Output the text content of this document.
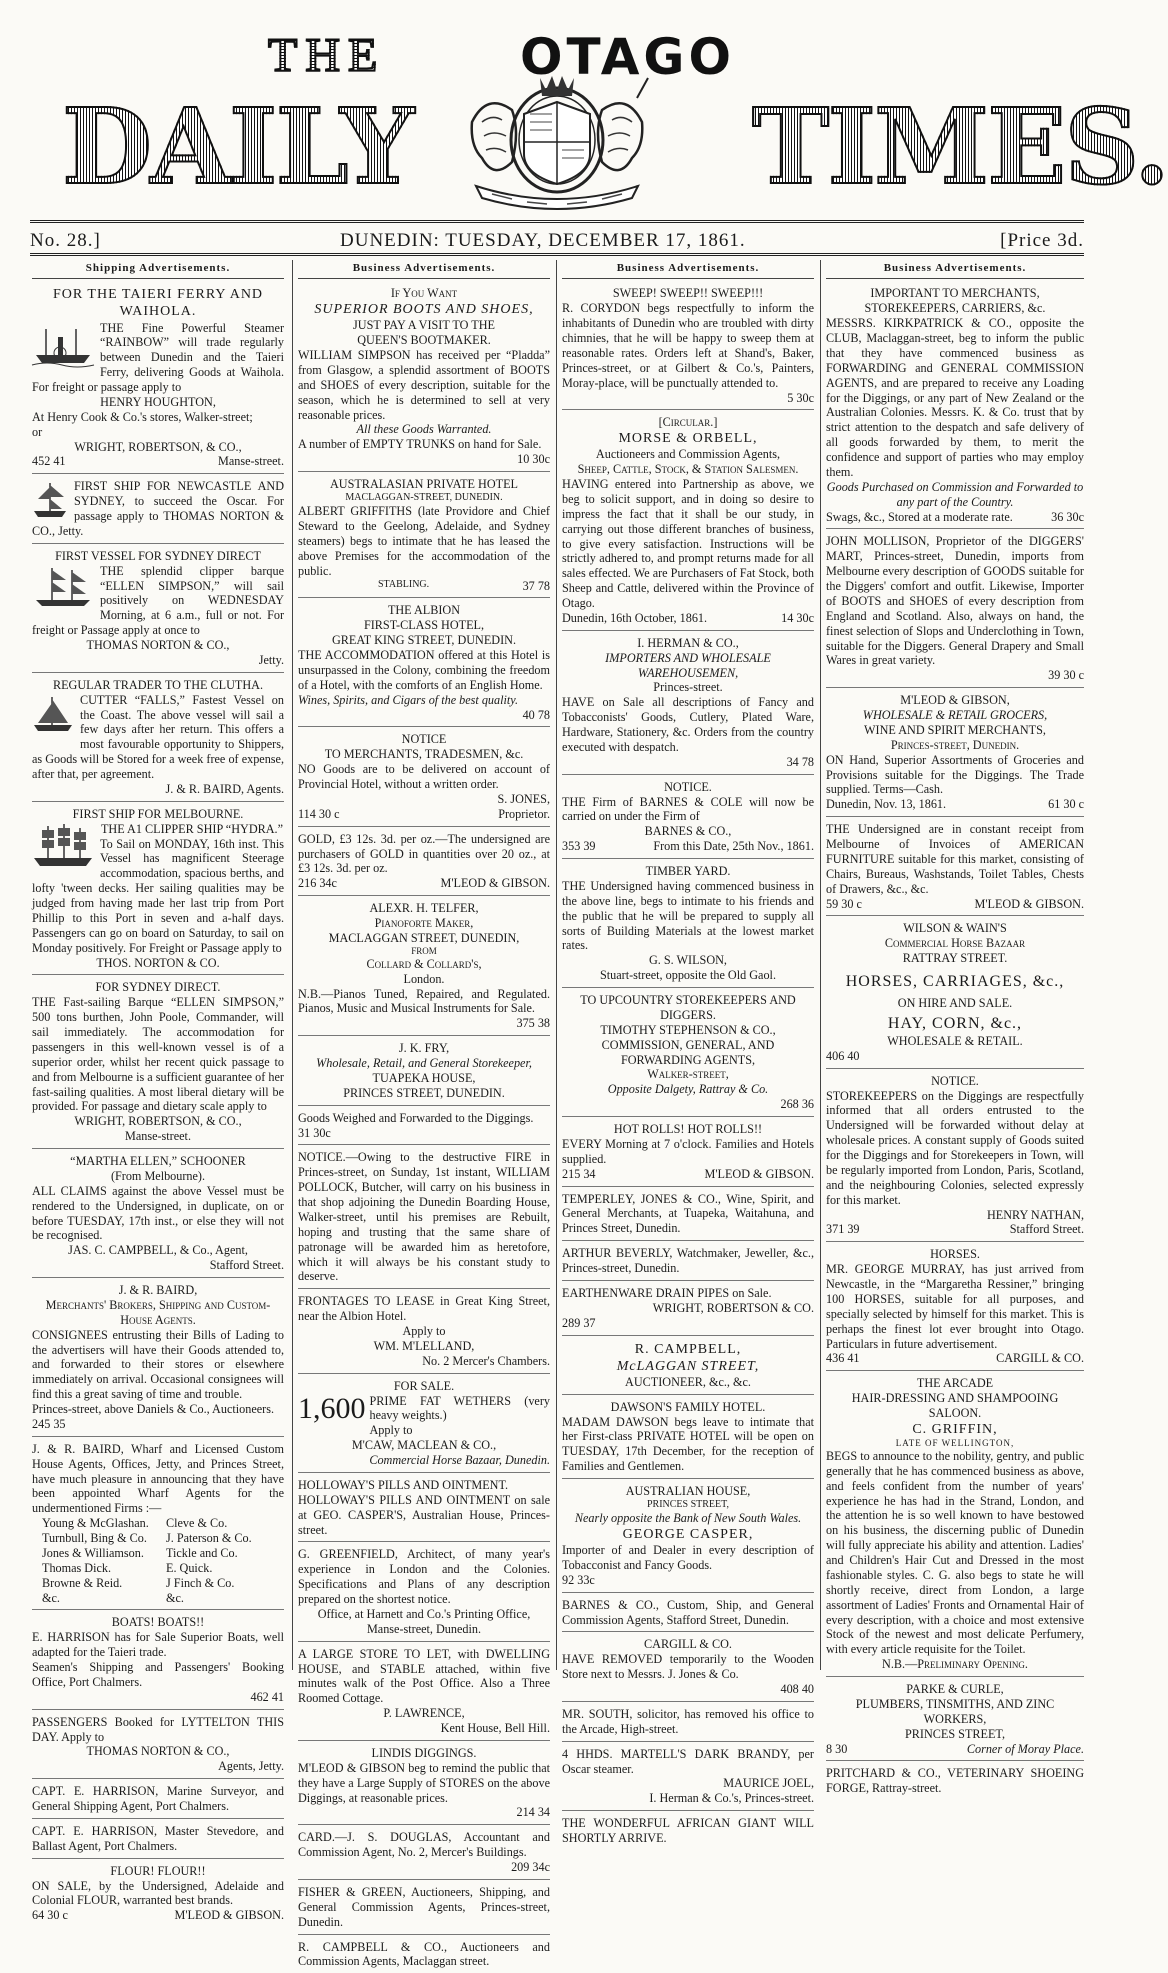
THE	OTAGO
DAILY	TIMES.
No. 28.]	DUNEDIN: TUESDAY, DECEMBER 17, 1861.	[Price 3d.
Shipping Advertisements.
FOR THE TAIERI FERRY AND WAIHOLA.

THE Fine Powerful Steamer “RAINBOW” will trade regularly between Dunedin and the Taieri Ferry, delivering Goods at Waihola. For freight or passage apply to

HENRY HOUGHTON,
At Henry Cook & Co.'s stores, Walker-street;
or
WRIGHT, ROBERTSON, & CO.,
452 41	Manse-street.

FIRST SHIP FOR NEWCASTLE AND SYDNEY, to succeed the Oscar. For passage apply to THOMAS NORTON & CO., Jetty.

FIRST VESSEL FOR SYDNEY DIRECT

THE splendid clipper barque “ELLEN SIMPSON,” will sail positively on WEDNESDAY Morning, at 6 a.m., full or not. For freight or Passage apply at once to

THOMAS NORTON & CO.,
Jetty.
REGULAR TRADER TO THE CLUTHA.

CUTTER “FALLS,” Fastest Vessel on the Coast. The above vessel will sail a few days after her return. This offers a most favourable opportunity to Shippers, as Goods will be Stored for a week free of expense, after that, per agreement.

J. & R. BAIRD, Agents.
FIRST SHIP FOR MELBOURNE.
THE A1 CLIPPER SHIP “HYDRA.”

To Sail on MONDAY, 16th inst. This Vessel has magnificent Steerage accommodation, spacious berths, and lofty 'tween decks. Her sailing qualities may be judged from having made her last trip from Port Phillip to this Port in seven and a-half days. Passengers can go on board on Saturday, to sail on Monday positively. For Freight or Passage apply to

THOS. NORTON & CO.
FOR SYDNEY DIRECT.

THE Fast-sailing Barque “ELLEN SIMPSON,” 500 tons burthen, John Poole, Commander, will sail immediately. The accommodation for passengers in this well-known vessel is of a superior order, whilst her recent quick passage to and from Melbourne is a sufficient guarantee of her fast-sailing qualities. A most liberal dietary will be provided. For passage and dietary scale apply to

WRIGHT, ROBERTSON, & CO.,
Manse-street.
“MARTHA ELLEN,” SCHOONER
(From Melbourne).

ALL CLAIMS against the above Vessel must be rendered to the Undersigned, in duplicate, on or before TUESDAY, 17th inst., or else they will not be recognised.

JAS. C. CAMPBELL, & Co., Agent,
Stafford Street.
J. & R. BAIRD,
Merchants' Brokers, Shipping and Custom-House Agents.

CONSIGNEES entrusting their Bills of Lading to the advertisers will have their Goods attended to, and forwarded to their stores or elsewhere immediately on arrival. Occasional consignees will find this a great saving of time and trouble.

Princes-street, above Daniels & Co., Auctioneers.
245 35

J. & R. BAIRD, Wharf and Licensed Custom House Agents, Offices, Jetty, and Princes Street, have much pleasure in announcing that they have been appointed Wharf Agents for the undermentioned Firms :—

Young & McGlashan.	Cleve & Co.
Turnbull, Bing & Co.	J. Paterson & Co.
Jones & Williamson.	Tickle and Co.
Thomas Dick.	E. Quick.
Browne & Reid.	J Finch & Co.
&c.	&c.
BOATS! BOATS!!

E. HARRISON has for Sale Superior Boats, well adapted for the Taieri trade.

Seamen's Shipping and Passengers' Booking Office, Port Chalmers.

462 41

PASSENGERS Booked for LYTTELTON THIS DAY. Apply to

THOMAS NORTON & CO.,
Agents, Jetty.

CAPT. E. HARRISON, Marine Surveyor, and General Shipping Agent, Port Chalmers.

CAPT. E. HARRISON, Master Stevedore, and Ballast Agent, Port Chalmers.

FLOUR! FLOUR!!

ON SALE, by the Undersigned, Adelaide and Colonial FLOUR, warranted best brands.

64 30 c	M'LEOD & GIBSON.
Business Advertisements.
If You Want
SUPERIOR BOOTS AND SHOES,
JUST PAY A VISIT TO THE
QUEEN'S BOOTMAKER.

WILLIAM SIMPSON has received per “Pladda” from Glasgow, a splendid assortment of BOOTS and SHOES of every description, suitable for the season, which he is determined to sell at very reasonable prices.

All these Goods Warranted.

A number of EMPTY TRUNKS on hand for Sale.

10 30c
AUSTRALASIAN PRIVATE HOTEL
MACLAGGAN-STREET, DUNEDIN.

ALBERT GRIFFITHS (late Providore and Chief Steward to the Geelong, Adelaide, and Sydney steamers) begs to intimate that he has leased the above Premises for the accommodation of the public.

STABLING.	37 78
THE ALBION
FIRST-CLASS HOTEL,
GREAT KING STREET, DUNEDIN.

THE ACCOMMODATION offered at this Hotel is unsurpassed in the Colony, combining the freedom of a Hotel, with the comforts of an English Home.

Wines, Spirits, and Cigars of the best quality.
40 78
NOTICE
TO MERCHANTS, TRADESMEN, &c.

NO Goods are to be delivered on account of Provincial Hotel, without a written order.

S. JONES,
114 30 c	Proprietor.

GOLD, £3 12s. 3d. per oz.—The undersigned are purchasers of GOLD in quantities over 20 oz., at £3 12s. 3d. per oz.

216 34c	M'LEOD & GIBSON.
ALEXR. H. TELFER,
Pianoforte Maker,
MACLAGGAN STREET, DUNEDIN,
FROM
Collard & Collard's,
London.

N.B.—Pianos Tuned, Repaired, and Regulated. Pianos, Music and Musical Instruments for Sale.

375 38
J. K. FRY,
Wholesale, Retail, and General Storekeeper,
TUAPEKA HOUSE,
PRINCES STREET, DUNEDIN.

Goods Weighed and Forwarded to the Diggings.

31 30c

NOTICE.—Owing to the destructive FIRE in Princes-street, on Sunday, 1st instant, WILLIAM POLLOCK, Butcher, will carry on his business in that shop adjoining the Dunedin Boarding House, Walker-street, until his premises are Rebuilt, hoping and trusting that the same share of patronage will be awarded him as heretofore, which it will always be his constant study to deserve.

FRONTAGES TO LEASE in Great King Street, near the Albion Hotel.

Apply to
WM. M'LELLAND,
No. 2 Mercer's Chambers.
FOR SALE.
1,600 PRIME FAT WETHERS (very heavy weights.)

Apply to
M'CAW, MACLEAN & CO.,
Commercial Horse Bazaar, Dunedin.
HOLLOWAY'S PILLS AND OINTMENT.

HOLLOWAY'S PILLS AND OINTMENT on sale at GEO. CASPER'S, Australian House, Princes-street.

G. GREENFIELD, Architect, of many year's experience in London and the Colonies. Specifications and Plans of any description prepared on the shortest notice.

Office, at Harnett and Co.'s Printing Office, Manse-street, Dunedin.

A LARGE STORE TO LET, with DWELLING HOUSE, and STABLE attached, within five minutes walk of the Post Office. Also a Three Roomed Cottage.

P. LAWRENCE,
Kent House, Bell Hill.
LINDIS DIGGINGS.

M'LEOD & GIBSON beg to remind the public that they have a Large Supply of STORES on the above Diggings, at reasonable prices.

214 34

CARD.—J. S. DOUGLAS, Accountant and Commission Agent, No. 2, Mercer's Buildings.

209 34c

FISHER & GREEN, Auctioneers, Shipping, and General Commission Agents, Princes-street, Dunedin.

R. CAMPBELL & CO., Auctioneers and Commission Agents, Maclaggan street.

Business Advertisements.
SWEEP! SWEEP!! SWEEP!!!

R. CORYDON begs respectfully to inform the inhabitants of Dunedin who are troubled with dirty chimnies, that he will be happy to sweep them at reasonable rates. Orders left at Shand's, Baker, Princes-street, or at Gilbert & Co.'s, Painters, Moray-place, will be punctually attended to.

5 30c
[Circular.]
MORSE & ORBELL,
Auctioneers and Commission Agents,
Sheep, Cattle, Stock, & Station Salesmen.

HAVING entered into Partnership as above, we beg to solicit support, and in doing so desire to impress the fact that it shall be our study, in carrying out those different branches of business, to give every satisfaction. Instructions will be strictly adhered to, and prompt returns made for all sales effected. We are Purchasers of Fat Stock, both Sheep and Cattle, delivered within the Province of Otago.

Dunedin, 16th October, 1861.	14 30c
I. HERMAN & CO.,
IMPORTERS AND WHOLESALE WAREHOUSEMEN,
Princes-street.

HAVE on Sale all descriptions of Fancy and Tobacconists' Goods, Cutlery, Plated Ware, Hardware, Stationery, &c. Orders from the country executed with despatch.

34 78
NOTICE.

THE Firm of BARNES & COLE will now be carried on under the Firm of

BARNES & CO.,
353 39	From this Date, 25th Nov., 1861.
TIMBER YARD.

THE Undersigned having commenced business in the above line, begs to intimate to his friends and the public that he will be prepared to supply all sorts of Building Materials at the lowest market rates.

G. S. WILSON,
Stuart-street, opposite the Old Gaol.
TO UPCOUNTRY STOREKEEPERS AND DIGGERS.
TIMOTHY STEPHENSON & CO.,
COMMISSION, GENERAL, AND FORWARDING AGENTS,
Walker-street,
Opposite Dalgety, Rattray & Co.
268 36
HOT ROLLS! HOT ROLLS!!

EVERY Morning at 7 o'clock. Families and Hotels supplied.

215 34	M'LEOD & GIBSON.

TEMPERLEY, JONES & CO., Wine, Spirit, and General Merchants, at Tuapeka, Waitahuna, and Princes Street, Dunedin.

ARTHUR BEVERLY, Watchmaker, Jeweller, &c., Princes-street, Dunedin.

EARTHENWARE DRAIN PIPES on Sale.

WRIGHT, ROBERTSON & CO.
289 37
R. CAMPBELL,
McLAGGAN STREET,
AUCTIONEER, &c., &c.
DAWSON'S FAMILY HOTEL.

MADAM DAWSON begs leave to intimate that her First-class PRIVATE HOTEL will be open on TUESDAY, 17th December, for the reception of Families and Gentlemen.

AUSTRALIAN HOUSE,
PRINCES STREET,
Nearly opposite the Bank of New South Wales.
GEORGE CASPER,

Importer of and Dealer in every description of Tobacconist and Fancy Goods.

92 33c

BARNES & CO., Custom, Ship, and General Commission Agents, Stafford Street, Dunedin.

CARGILL & CO.

HAVE REMOVED temporarily to the Wooden Store next to Messrs. J. Jones & Co.

408 40

MR. SOUTH, solicitor, has removed his office to the Arcade, High-street.

4 HHDS. MARTELL'S DARK BRANDY, per Oscar steamer.

MAURICE JOEL,
I. Herman & Co.'s, Princes-street.

THE WONDERFUL AFRICAN GIANT WILL SHORTLY ARRIVE.

Business Advertisements.
IMPORTANT TO MERCHANTS,
STOREKEEPERS, CARRIERS, &c.

MESSRS. KIRKPATRICK & CO., opposite the CLUB, Maclaggan-street, beg to inform the public that they have commenced business as FORWARDING and GENERAL COMMISSION AGENTS, and are prepared to receive any Loading for the Diggings, or any part of New Zealand or the Australian Colonies. Messrs. K. & Co. trust that by strict attention to the despatch and safe delivery of all goods forwarded by them, to merit the confidence and support of parties who may employ them.

Goods Purchased on Commission and Forwarded to any part of the Country.
Swags, &c., Stored at a moderate rate.	36 30c

JOHN MOLLISON, Proprietor of the DIGGERS' MART, Princes-street, Dunedin, imports from Melbourne every description of GOODS suitable for the Diggers' comfort and outfit. Likewise, Importer of BOOTS and SHOES of every description from England and Scotland. Also, always on hand, the finest selection of Slops and Underclothing in Town, suitable for the Diggers. General Drapery and Small Wares in great variety.

39 30 c
M'LEOD & GIBSON,
WHOLESALE & RETAIL GROCERS,
WINE AND SPIRIT MERCHANTS,
Princes-street, Dunedin.

ON Hand, Superior Assortments of Groceries and Provisions suitable for the Diggings. The Trade supplied. Terms—Cash.

Dunedin, Nov. 13, 1861.	61 30 c

THE Undersigned are in constant receipt from Melbourne of Invoices of AMERICAN FURNITURE suitable for this market, consisting of Chairs, Bureaus, Washstands, Toilet Tables, Chests of Drawers, &c., &c.

59 30 c	M'LEOD & GIBSON.
WILSON & WAIN'S
Commercial Horse Bazaar
RATTRAY STREET.
HORSES, CARRIAGES, &c.,
ON HIRE AND SALE.
HAY, CORN, &c.,
WHOLESALE & RETAIL.
406 40
NOTICE.

STOREKEEPERS on the Diggings are respectfully informed that all orders entrusted to the Undersigned will be forwarded without delay at wholesale prices. A constant supply of Goods suited for the Diggings and for Storekeepers in Town, will be regularly imported from London, Paris, Scotland, and the neighbouring Colonies, selected expressly for this market.

HENRY NATHAN,
371 39	Stafford Street.
HORSES.

MR. GEORGE MURRAY, has just arrived from Newcastle, in the “Margaretha Ressiner,” bringing 100 HORSES, suitable for all purposes, and specially selected by himself for this market. This is perhaps the finest lot ever brought into Otago. Particulars in future advertisement.

436 41	CARGILL & CO.
THE ARCADE
HAIR-DRESSING AND SHAMPOOING SALOON.
C. GRIFFIN,
LATE OF WELLINGTON,

BEGS to announce to the nobility, gentry, and public generally that he has commenced business as above, and feels confident from the number of years' experience he has had in the Strand, London, and the attention he is so well known to have bestowed on his business, the discerning public of Dunedin will fully appreciate his ability and attention. Ladies' and Children's Hair Cut and Dressed in the most fashionable styles. C. G. also begs to state he will shortly receive, direct from London, a large assortment of Ladies' Fronts and Ornamental Hair of every description, with a choice and most extensive Stock of the newest and most delicate Perfumery, with every article requisite for the Toilet.

N.B.—Preliminary Opening.
PARKE & CURLE,
PLUMBERS, TINSMITHS, AND ZINC WORKERS,
PRINCES STREET,
8 30	Corner of Moray Place.

PRITCHARD & CO., VETERINARY SHOEING FORGE, Rattray-street.
